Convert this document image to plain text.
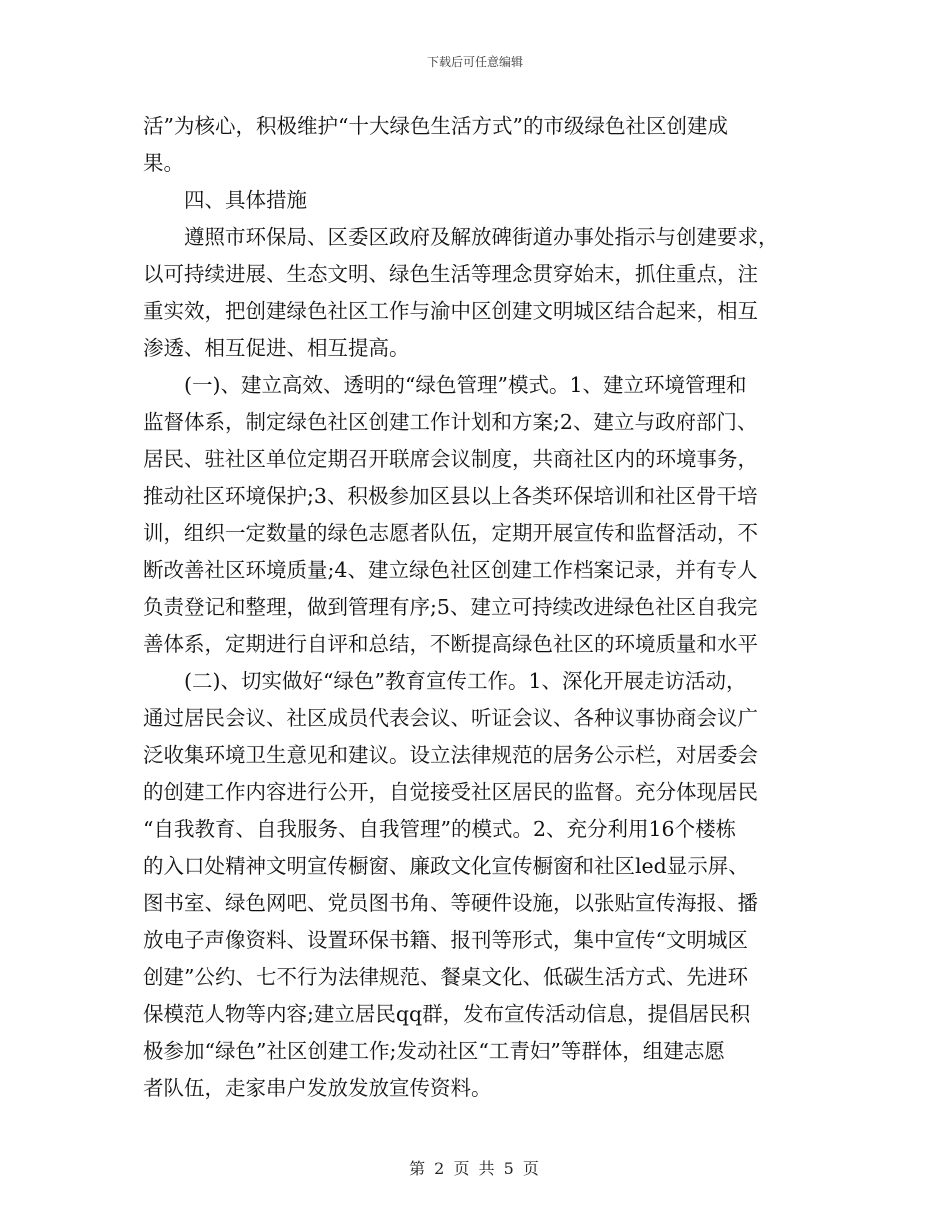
下载后可任意编辑
活”为核心，积极维护“十大绿色生活方式”的市级绿色社区创建成
果。
四、具体措施
遵照市环保局、区委区政府及解放碑街道办事处指示与创建要求，
以可持续进展、生态文明、绿色生活等理念贯穿始末，抓住重点，注
重实效，把创建绿色社区工作与渝中区创建文明城区结合起来，相互
渗透、相互促进、相互提高。
(一)、建立高效、透明的“绿色管理”模式。1、建立环境管理和
监督体系，制定绿色社区创建工作计划和方案;2、建立与政府部门、
居民、驻社区单位定期召开联席会议制度，共商社区内的环境事务，
推动社区环境保护;3、积极参加区县以上各类环保培训和社区骨干培
训，组织一定数量的绿色志愿者队伍，定期开展宣传和监督活动，不
断改善社区环境质量;4、建立绿色社区创建工作档案记录，并有专人
负责登记和整理，做到管理有序;5、建立可持续改进绿色社区自我完
善体系，定期进行自评和总结，不断提高绿色社区的环境质量和水平
(二)、切实做好“绿色”教育宣传工作。1、深化开展走访活动，
通过居民会议、社区成员代表会议、听证会议、各种议事协商会议广
泛收集环境卫生意见和建议。设立法律规范的居务公示栏，对居委会
的创建工作内容进行公开，自觉接受社区居民的监督。充分体现居民
“自我教育、自我服务、自我管理”的模式。2、充分利用16个楼栋
的入口处精神文明宣传橱窗、廉政文化宣传橱窗和社区led显示屏、
图书室、绿色网吧、党员图书角、等硬件设施，以张贴宣传海报、播
放电子声像资料、设置环保书籍、报刊等形式，集中宣传“文明城区
创建”公约、七不行为法律规范、餐桌文化、低碳生活方式、先进环
保模范人物等内容;建立居民qq群，发布宣传活动信息，提倡居民积
极参加“绿色”社区创建工作;发动社区“工青妇”等群体，组建志愿
者队伍，走家串户发放发放宣传资料。
第 2 页 共 5 页
